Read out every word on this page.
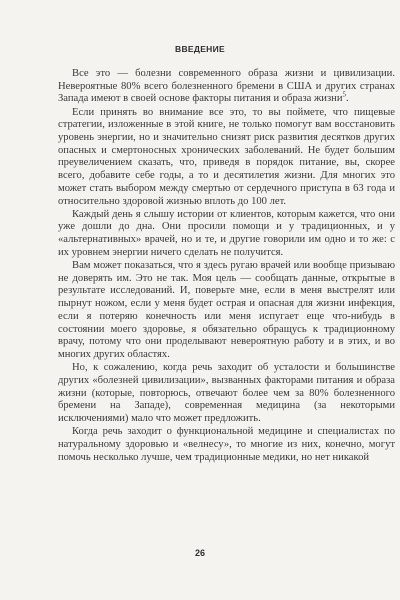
ВВЕДЕНИЕ

Все это — болезни современного образа жизни и цивилизации. Невероятные 80% всего болезненного бремени в США и других странах Запада имеют в своей основе факторы питания и образа жизни$^5$.

Если принять во внимание все это, то вы поймете, что пищевые стратегии, изложенные в этой книге, не только помогут вам восстановить уровень энергии, но и значительно снизят риск развития десятков других опасных и смертоносных хронических заболеваний. Не будет большим преувеличением сказать, что, приведя в порядок питание, вы, скорее всего, добавите себе годы, а то и десятилетия жизни. Для многих это может стать выбором между смертью от сердечного приступа в 63 года и относительно здоровой жизнью вплоть до 100 лет.

Каждый день я слышу истории от клиентов, которым кажется, что они уже дошли до дна. Они просили помощи и у традиционных, и у «альтернативных» врачей, но и те, и другие говорили им одно и то же: с их уровнем энергии ничего сделать не получится.

Вам может показаться, что я здесь ругаю врачей или вообще призываю не доверять им. Это не так. Моя цель — сообщать данные, открытые в результате исследований. И, поверьте мне, если в меня выстрелят или пырнут ножом, если у меня будет острая и опасная для жизни инфекция, если я потеряю конечность или меня испугает еще что-нибудь в состоянии моего здоровье, я обязательно обращусь к традиционному врачу, потому что они проделывают невероятную работу и в этих, и во многих других областях.

Но, к сожалению, когда речь заходит об усталости и большинстве других «болезней цивилизации», вызванных факторами питания и образа жизни (которые, повторюсь, отвечают более чем за 80% болезненного бремени на Западе), современная медицина (за некоторыми исключениями) мало что может предложить.

Когда речь заходит о функциональной медицине и специалистах по натуральному здоровью и «велнесу», то многие из них, конечно, могут помочь несколько лучше, чем традиционные медики, но нет никакой

26
